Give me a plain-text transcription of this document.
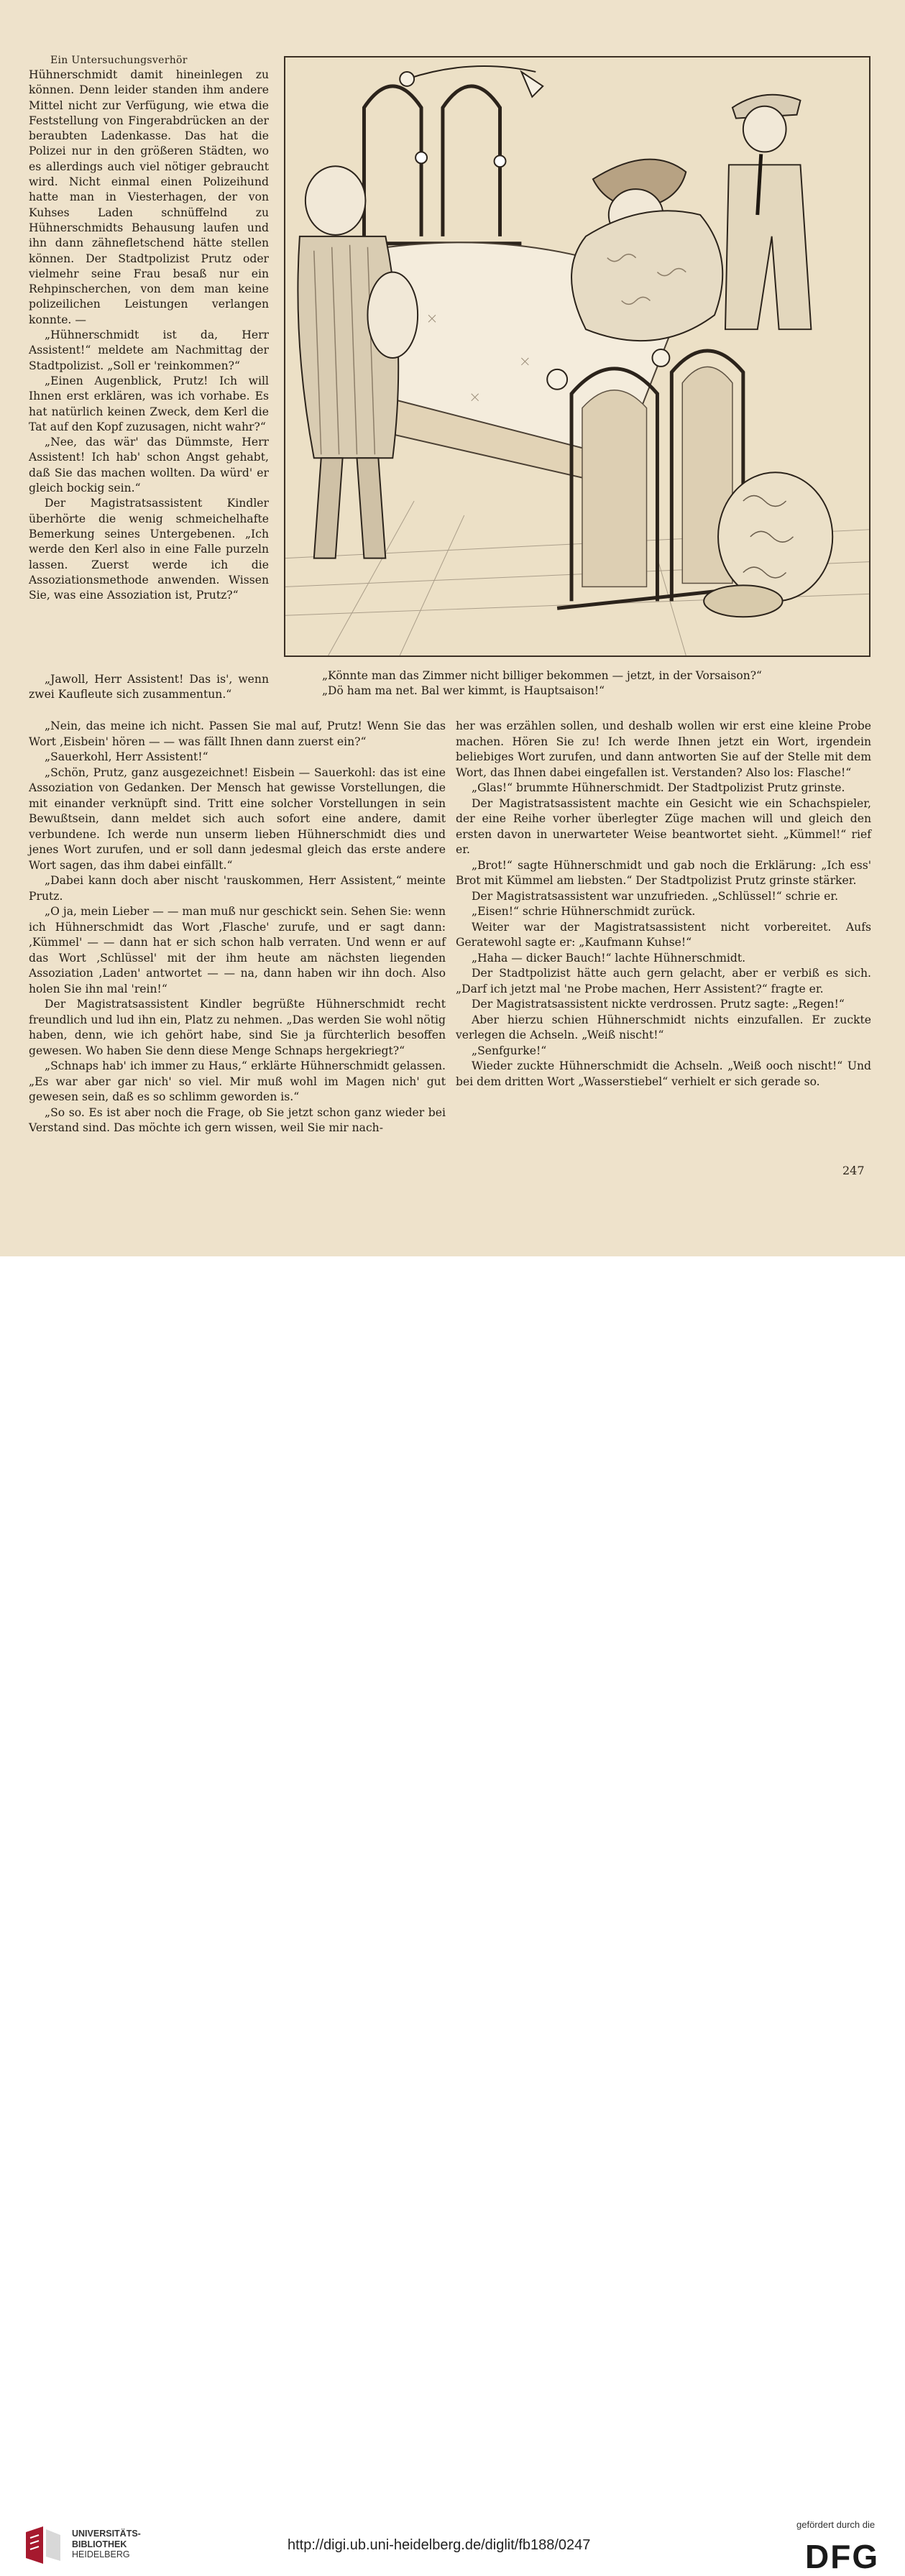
Ein Untersuchungsverhör

Hühnerschmidt damit hineinlegen zu können. Denn leider standen ihm andere Mittel nicht zur Verfügung, wie etwa die Feststellung von Fingerabdrücken an der beraubten Ladenkasse. Das hat die Polizei nur in den größeren Städten, wo es allerdings auch viel nötiger gebraucht wird. Nicht einmal einen Polizeihund hatte man in Viesterhagen, der von Kuhses Laden schnüffelnd zu Hühnerschmidts Behausung laufen und ihn dann zähnefletschend hätte stellen können. Der Stadtpolizist Prutz oder vielmehr seine Frau besaß nur ein Rehpinscherchen, von dem man keine polizeilichen Leistungen verlangen konnte. —

„Hühnerschmidt ist da, Herr Assistent!“ meldete am Nachmittag der Stadtpolizist. „Soll er 'reinkommen?“

„Einen Augenblick, Prutz! Ich will Ihnen erst erklären, was ich vorhabe. Es hat natürlich keinen Zweck, dem Kerl die Tat auf den Kopf zuzusagen, nicht wahr?“

„Nee, das wär' das Dümmste, Herr Assistent! Ich hab' schon Angst gehabt, daß Sie das machen wollten. Da würd' er gleich bockig sein.“

Der Magistratsassistent Kindler überhörte die wenig schmeichelhafte Bemerkung seines Untergebenen. „Ich werde den Kerl also in eine Falle purzeln lassen. Zuerst werde ich die Assoziationsmethode anwenden. Wissen Sie, was eine Assoziation ist, Prutz?“

„Jawoll, Herr Assistent! Das is', wenn zwei Kaufleute sich zusammentun.“

„Könnte man das Zimmer nicht billiger bekommen — jetzt, in der Vorsaison?“
„Dö ham ma net. Bal wer kimmt, is Hauptsaison!“

„Nein, das meine ich nicht. Passen Sie mal auf, Prutz! Wenn Sie das Wort ‚Eisbein' hören — — was fällt Ihnen dann zuerst ein?“

„Sauerkohl, Herr Assistent!“

„Schön, Prutz, ganz ausgezeichnet! Eisbein — Sauerkohl: das ist eine Assoziation von Gedanken. Der Mensch hat gewisse Vorstellungen, die mit einander verknüpft sind. Tritt eine solcher Vorstellungen in sein Bewußtsein, dann meldet sich auch sofort eine andere, damit verbundene. Ich werde nun unserm lieben Hühnerschmidt dies und jenes Wort zurufen, und er soll dann jedesmal gleich das erste andere Wort sagen, das ihm dabei einfällt.“

„Dabei kann doch aber nischt 'rauskommen, Herr Assistent,“ meinte Prutz.

„O ja, mein Lieber — — man muß nur geschickt sein. Sehen Sie: wenn ich Hühnerschmidt das Wort ‚Flasche' zurufe, und er sagt dann: ‚Kümmel' — — dann hat er sich schon halb verraten. Und wenn er auf das Wort ‚Schlüssel' mit der ihm heute am nächsten liegenden Assoziation ‚Laden' antwortet — — na, dann haben wir ihn doch. Also holen Sie ihn mal 'rein!“

Der Magistratsassistent Kindler begrüßte Hühnerschmidt recht freundlich und lud ihn ein, Platz zu nehmen. „Das werden Sie wohl nötig haben, denn, wie ich gehört habe, sind Sie ja fürchterlich besoffen gewesen. Wo haben Sie denn diese Menge Schnaps hergekriegt?“

„Schnaps hab' ich immer zu Haus,“ erklärte Hühnerschmidt gelassen. „Es war aber gar nich' so viel. Mir muß wohl im Magen nich' gut gewesen sein, daß es so schlimm geworden is.“

„So so. Es ist aber noch die Frage, ob Sie jetzt schon ganz wieder bei Verstand sind. Das möchte ich gern wissen, weil Sie mir nach-

her was erzählen sollen, und deshalb wollen wir erst eine kleine Probe machen. Hören Sie zu! Ich werde Ihnen jetzt ein Wort, irgendein beliebiges Wort zurufen, und dann antworten Sie auf der Stelle mit dem Wort, das Ihnen dabei eingefallen ist. Verstanden? Also los: Flasche!“

„Glas!“ brummte Hühnerschmidt. Der Stadtpolizist Prutz grinste.

Der Magistratsassistent machte ein Gesicht wie ein Schachspieler, der eine Reihe vorher überlegter Züge machen will und gleich den ersten davon in unerwarteter Weise beantwortet sieht. „Kümmel!“ rief er.

„Brot!“ sagte Hühnerschmidt und gab noch die Erklärung: „Ich ess' Brot mit Kümmel am liebsten.“ Der Stadtpolizist Prutz grinste stärker.

Der Magistratsassistent war unzufrieden. „Schlüssel!“ schrie er.

„Eisen!“ schrie Hühnerschmidt zurück.

Weiter war der Magistratsassistent nicht vorbereitet. Aufs Geratewohl sagte er: „Kaufmann Kuhse!“

„Haha — dicker Bauch!“ lachte Hühnerschmidt.

Der Stadtpolizist hätte auch gern gelacht, aber er verbiß es sich. „Darf ich jetzt mal 'ne Probe machen, Herr Assistent?“ fragte er.

Der Magistratsassistent nickte verdrossen. Prutz sagte: „Regen!“

Aber hierzu schien Hühnerschmidt nichts einzufallen. Er zuckte verlegen die Achseln. „Weiß nischt!“

„Senfgurke!“

Wieder zuckte Hühnerschmidt die Achseln. „Weiß ooch nischt!“ Und bei dem dritten Wort „Wasserstiebel“ verhielt er sich gerade so.

247
UNIVERSITÄTS-
BIBLIOTHEK
HEIDELBERG
http://digi.ub.uni-heidelberg.de/diglit/fb188/0247
gefördert durch die
DFG
